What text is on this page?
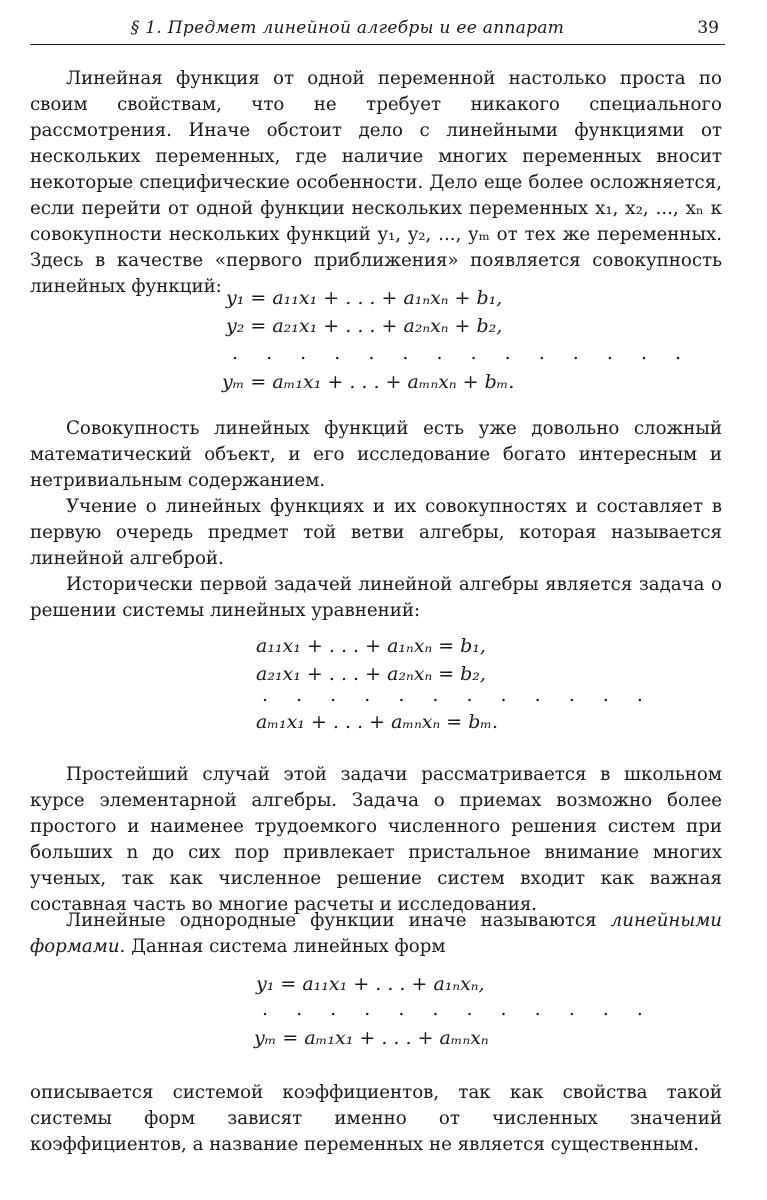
§ 1. Предмет линейной алгебры и ее аппарат	39

Линейная функция от одной переменной настолько проста по своим свойствам, что не требует никакого специального рассмотрения. Иначе обстоит дело с линейными функциями от нескольких переменных, где наличие многих переменных вносит некоторые специфические особенности. Дело еще более осложняется, если перейти от одной функции нескольких переменных x₁, x₂, ..., xₙ к совокупности нескольких функций y₁, y₂, ..., yₘ от тех же переменных. Здесь в качестве «первого приближения» появляется совокупность линейных функций:

y₁ = a₁₁x₁ + . . . + a₁ₙxₙ + b₁,
y₂ = a₂₁x₁ + . . . + a₂ₙxₙ + b₂,
. . . . . . . . . . . . . .
yₘ = aₘ₁x₁ + . . . + aₘₙxₙ + bₘ.

Совокупность линейных функций есть уже довольно сложный математический объект, и его исследование богато интересным и нетривиальным содержанием.

Учение о линейных функциях и их совокупностях и составляет в первую очередь предмет той ветви алгебры, которая называется линейной алгеброй.

Исторически первой задачей линейной алгебры является задача о решении системы линейных уравнений:

a₁₁x₁ + . . . + a₁ₙxₙ = b₁,
a₂₁x₁ + . . . + a₂ₙxₙ = b₂,
. . . . . . . . . . . .
aₘ₁x₁ + . . . + aₘₙxₙ = bₘ.

Простейший случай этой задачи рассматривается в школьном курсе элементарной алгебры. Задача о приемах возможно более простого и наименее трудоемкого численного решения систем при больших n до сих пор привлекает пристальное внимание многих ученых, так как численное решение систем входит как важная составная часть во многие расчеты и исследования.

Линейные однородные функции иначе называются линейными формами. Данная система линейных форм

y₁ = a₁₁x₁ + . . . + a₁ₙxₙ,
. . . . . . . . . . . .
yₘ = aₘ₁x₁ + . . . + aₘₙxₙ

описывается системой коэффициентов, так как свойства такой системы форм зависят именно от численных значений коэффициентов, а название переменных не является существенным.
